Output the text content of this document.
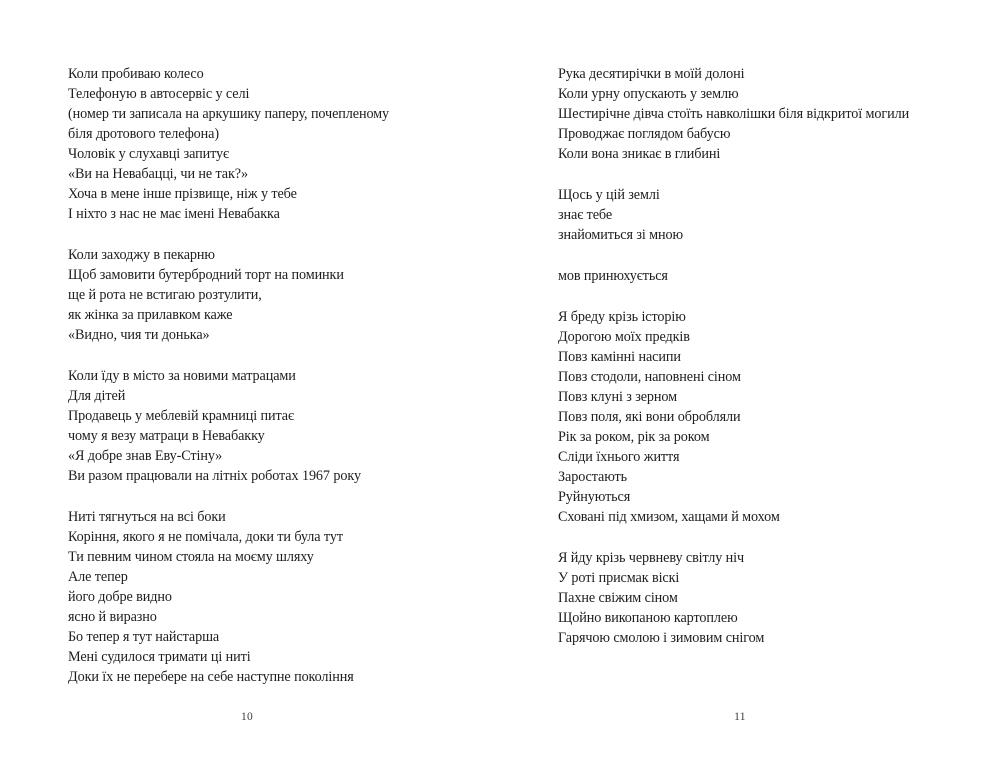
Коли пробиваю колесо
Телефоную в автосервіс у селі
(номер ти записала на аркушику паперу, почепленому
біля дротового телефона)
Чоловік у слухавці запитує
«Ви на Невабацці, чи не так?»
Хоча в мене інше прізвище, ніж у тебе
І ніхто з нас не має імені Невабакка
Коли заходжу в пекарню
Щоб замовити бутербродний торт на поминки
ще й рота не встигаю розтулити,
як жінка за прилавком каже
«Видно, чия ти донька»
Коли їду в місто за новими матрацами
Для дітей
Продавець у меблевій крамниці питає
чому я везу матраци в Невабакку
«Я добре знав Еву-Стіну»
Ви разом працювали на літніх роботах 1967 року
Ниті тягнуться на всі боки
Коріння, якого я не помічала, доки ти була тут
Ти певним чином стояла на моєму шляху
Але тепер
його добре видно
ясно й виразно
Бо тепер я тут найстарша
Мені судилося тримати ці ниті
Доки їх не перебере на себе наступне покоління
Рука десятирічки в моїй долоні
Коли урну опускають у землю
Шестирічне дівча стоїть навколішки біля відкритої могили
Проводжає поглядом бабусю
Коли вона зникає в глибині
Щось у цій землі
знає тебе
знайомиться зі мною
мов принюхується
Я бреду крізь історію
Дорогою моїх предків
Повз камінні насипи
Повз стодоли, наповнені сіном
Повз клуні з зерном
Повз поля, які вони обробляли
Рік за роком, рік за роком
Сліди їхнього життя
Заростають
Руйнуються
Сховані під хмизом, хащами й мохом
Я йду крізь червневу світлу ніч
У роті присмак віскі
Пахне свіжим сіном
Щойно викопаною картоплею
Гарячою смолою і зимовим снігом
10	11
